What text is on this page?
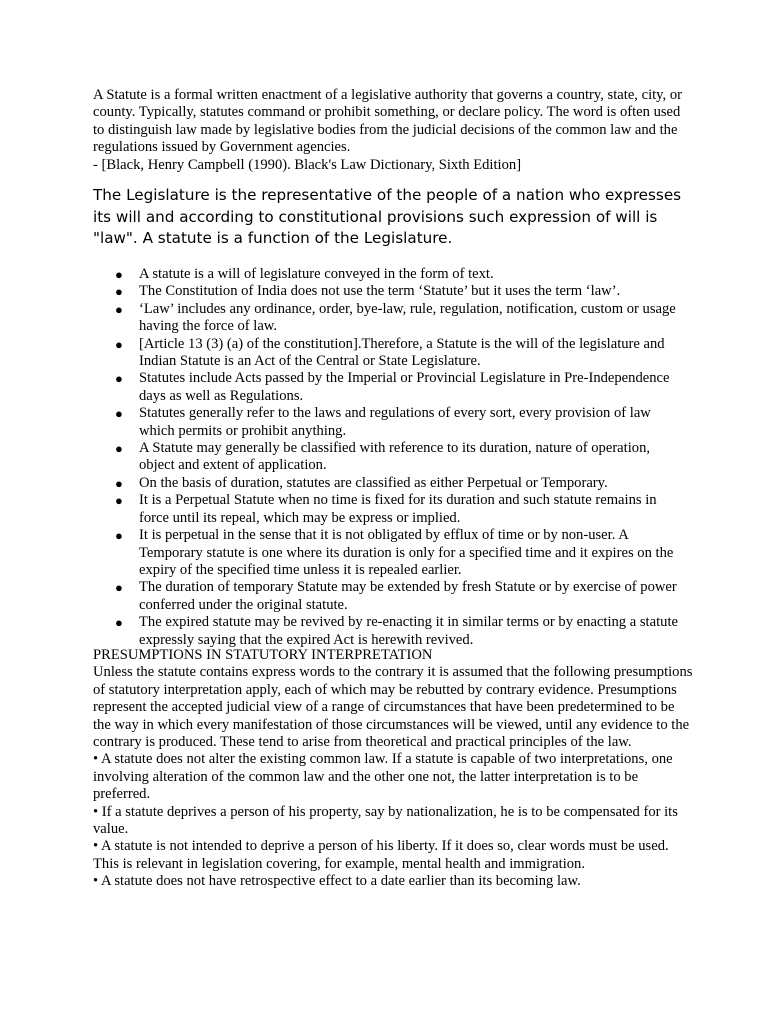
A Statute is a formal written enactment of a legislative authority that governs a country, state, city, or county. Typically, statutes command or prohibit something, or declare policy. The word is often used to distinguish law made by legislative bodies from the judicial decisions of the common law and the regulations issued by Government agencies.

- [Black, Henry Campbell (1990). Black's Law Dictionary, Sixth Edition]

The Legislature is the representative of the people of a nation who expresses its will and according to constitutional provisions such expression of will is "law". A statute is a function of the Legislature.

●	A statute is a will of legislature conveyed in the form of text.
●	The Constitution of India does not use the term ‘Statute’ but it uses the term ‘law’.
●	‘Law’ includes any ordinance, order, bye-law, rule, regulation, notification, custom or usage having the force of law.
●	[Article 13 (3) (a) of the constitution].Therefore, a Statute is the will of the legislature and Indian Statute is an Act of the Central or State Legislature.
●	Statutes include Acts passed by the Imperial or Provincial Legislature in Pre-Independence days as well as Regulations.
●	Statutes generally refer to the laws and regulations of every sort, every provision of law which permits or prohibit anything.
●	A Statute may generally be classified with reference to its duration, nature of operation, object and extent of application.
●	On the basis of duration, statutes are classified as either Perpetual or Temporary.
●	It is a Perpetual Statute when no time is fixed for its duration and such statute remains in force until its repeal, which may be express or implied.
●	It is perpetual in the sense that it is not obligated by efflux of time or by non-user. A Temporary statute is one where its duration is only for a specified time and it expires on the expiry of the specified time unless it is repealed earlier.
●	The duration of temporary Statute may be extended by fresh Statute or by exercise of power conferred under the original statute.
●	The expired statute may be revived by re-enacting it in similar terms or by enacting a statute expressly saying that the expired Act is herewith revived.

PRESUMPTIONS IN STATUTORY INTERPRETATION

Unless the statute contains express words to the contrary it is assumed that the following presumptions of statutory interpretation apply, each of which may be rebutted by contrary evidence. Presumptions represent the accepted judicial view of a range of circumstances that have been predetermined to be the way in which every manifestation of those circumstances will be viewed, until any evidence to the contrary is produced. These tend to arise from theoretical and practical principles of the law.

• A statute does not alter the existing common law. If a statute is capable of two interpretations, one involving alteration of the common law and the other one not, the latter interpretation is to be preferred.

• If a statute deprives a person of his property, say by nationalization, he is to be compensated for its value.

• A statute is not intended to deprive a person of his liberty. If it does so, clear words must be used. This is relevant in legislation covering, for example, mental health and immigration.

• A statute does not have retrospective effect to a date earlier than its becoming law.
